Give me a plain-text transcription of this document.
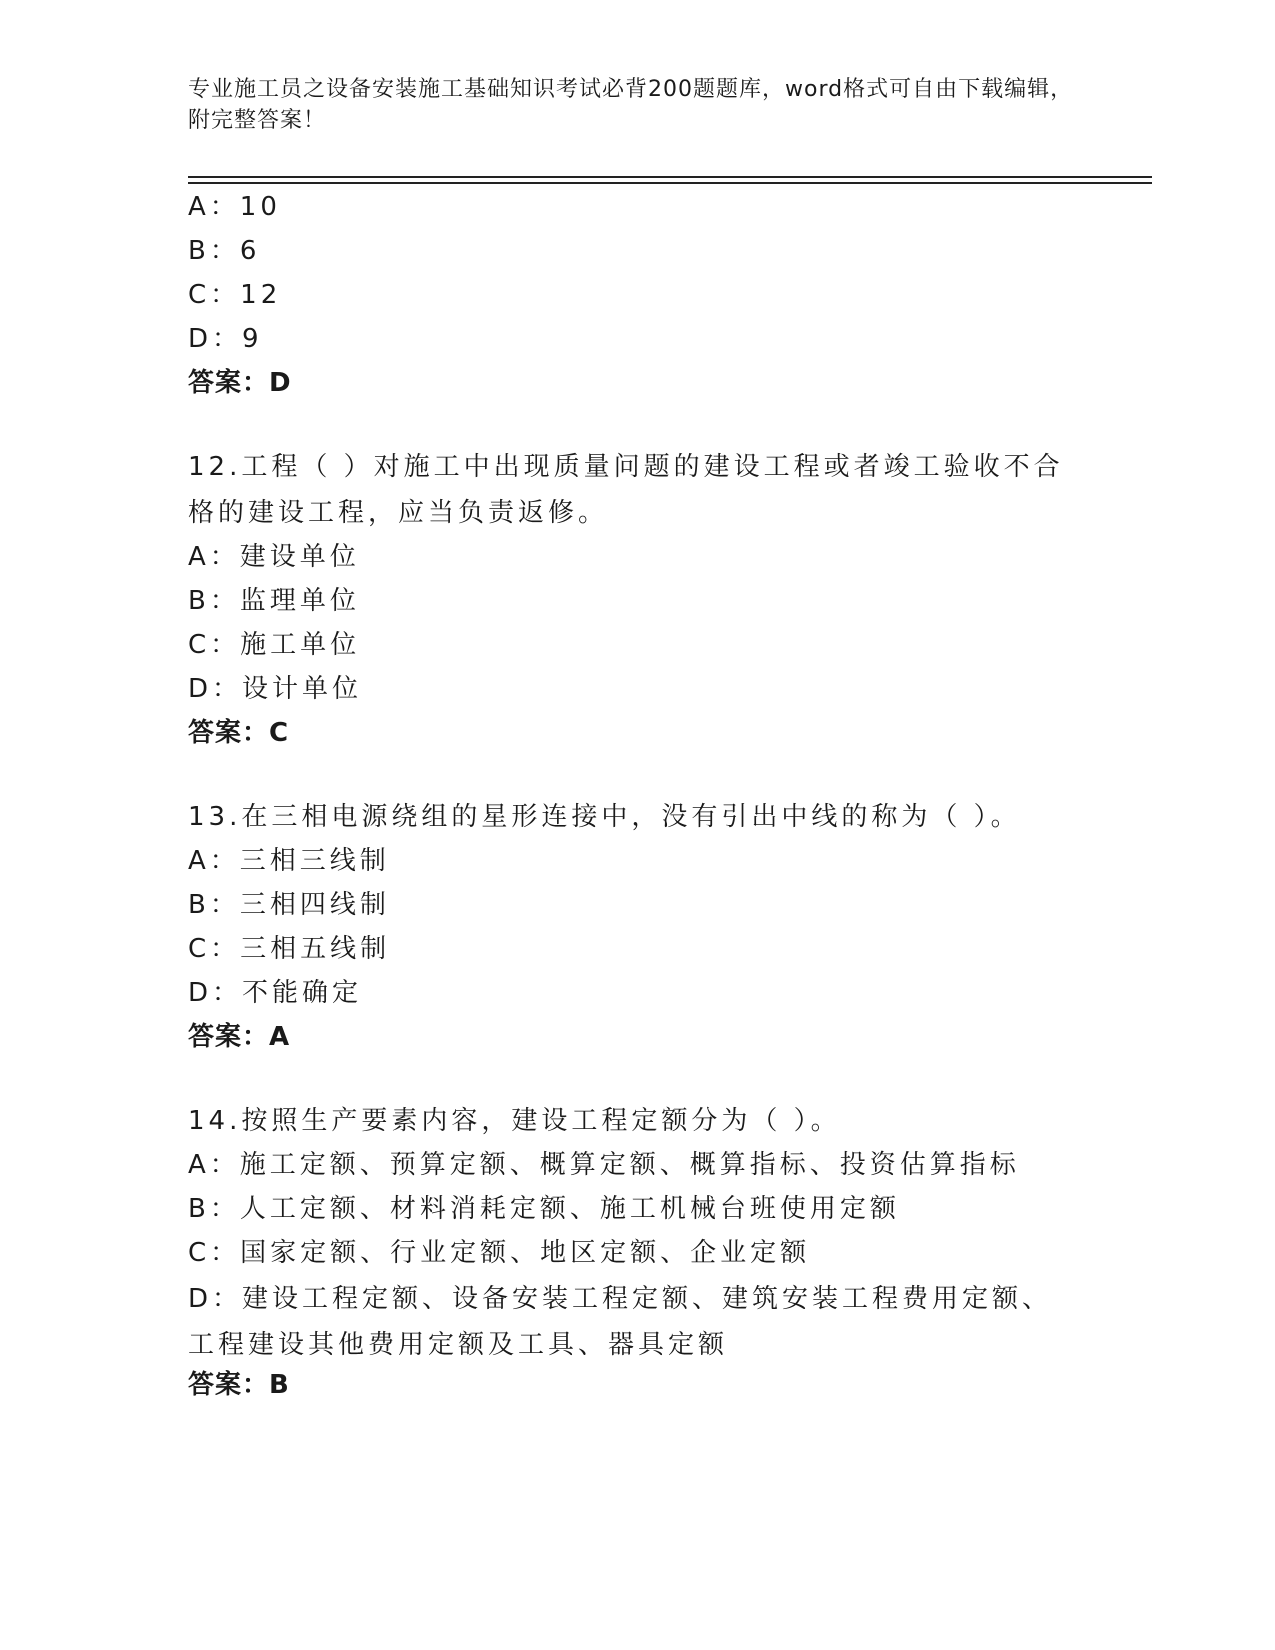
专业施工员之设备安装施工基础知识考试必背200题题库，word格式可自由下载编辑，附完整答案！
A：10
B：6
C：12
D：9
答案：D
12.工程（ ）对施工中出现质量问题的建设工程或者竣工验收不合格的建设工程，应当负责返修。
A：建设单位
B：监理单位
C：施工单位
D：设计单位
答案：C
13.在三相电源绕组的星形连接中，没有引出中线的称为（ ）。
A：三相三线制
B：三相四线制
C：三相五线制
D：不能确定
答案：A
14.按照生产要素内容，建设工程定额分为（ ）。
A：施工定额、预算定额、概算定额、概算指标、投资估算指标
B：人工定额、材料消耗定额、施工机械台班使用定额
C：国家定额、行业定额、地区定额、企业定额
D：建设工程定额、设备安装工程定额、建筑安装工程费用定额、工程建设其他费用定额及工具、器具定额
答案：B
